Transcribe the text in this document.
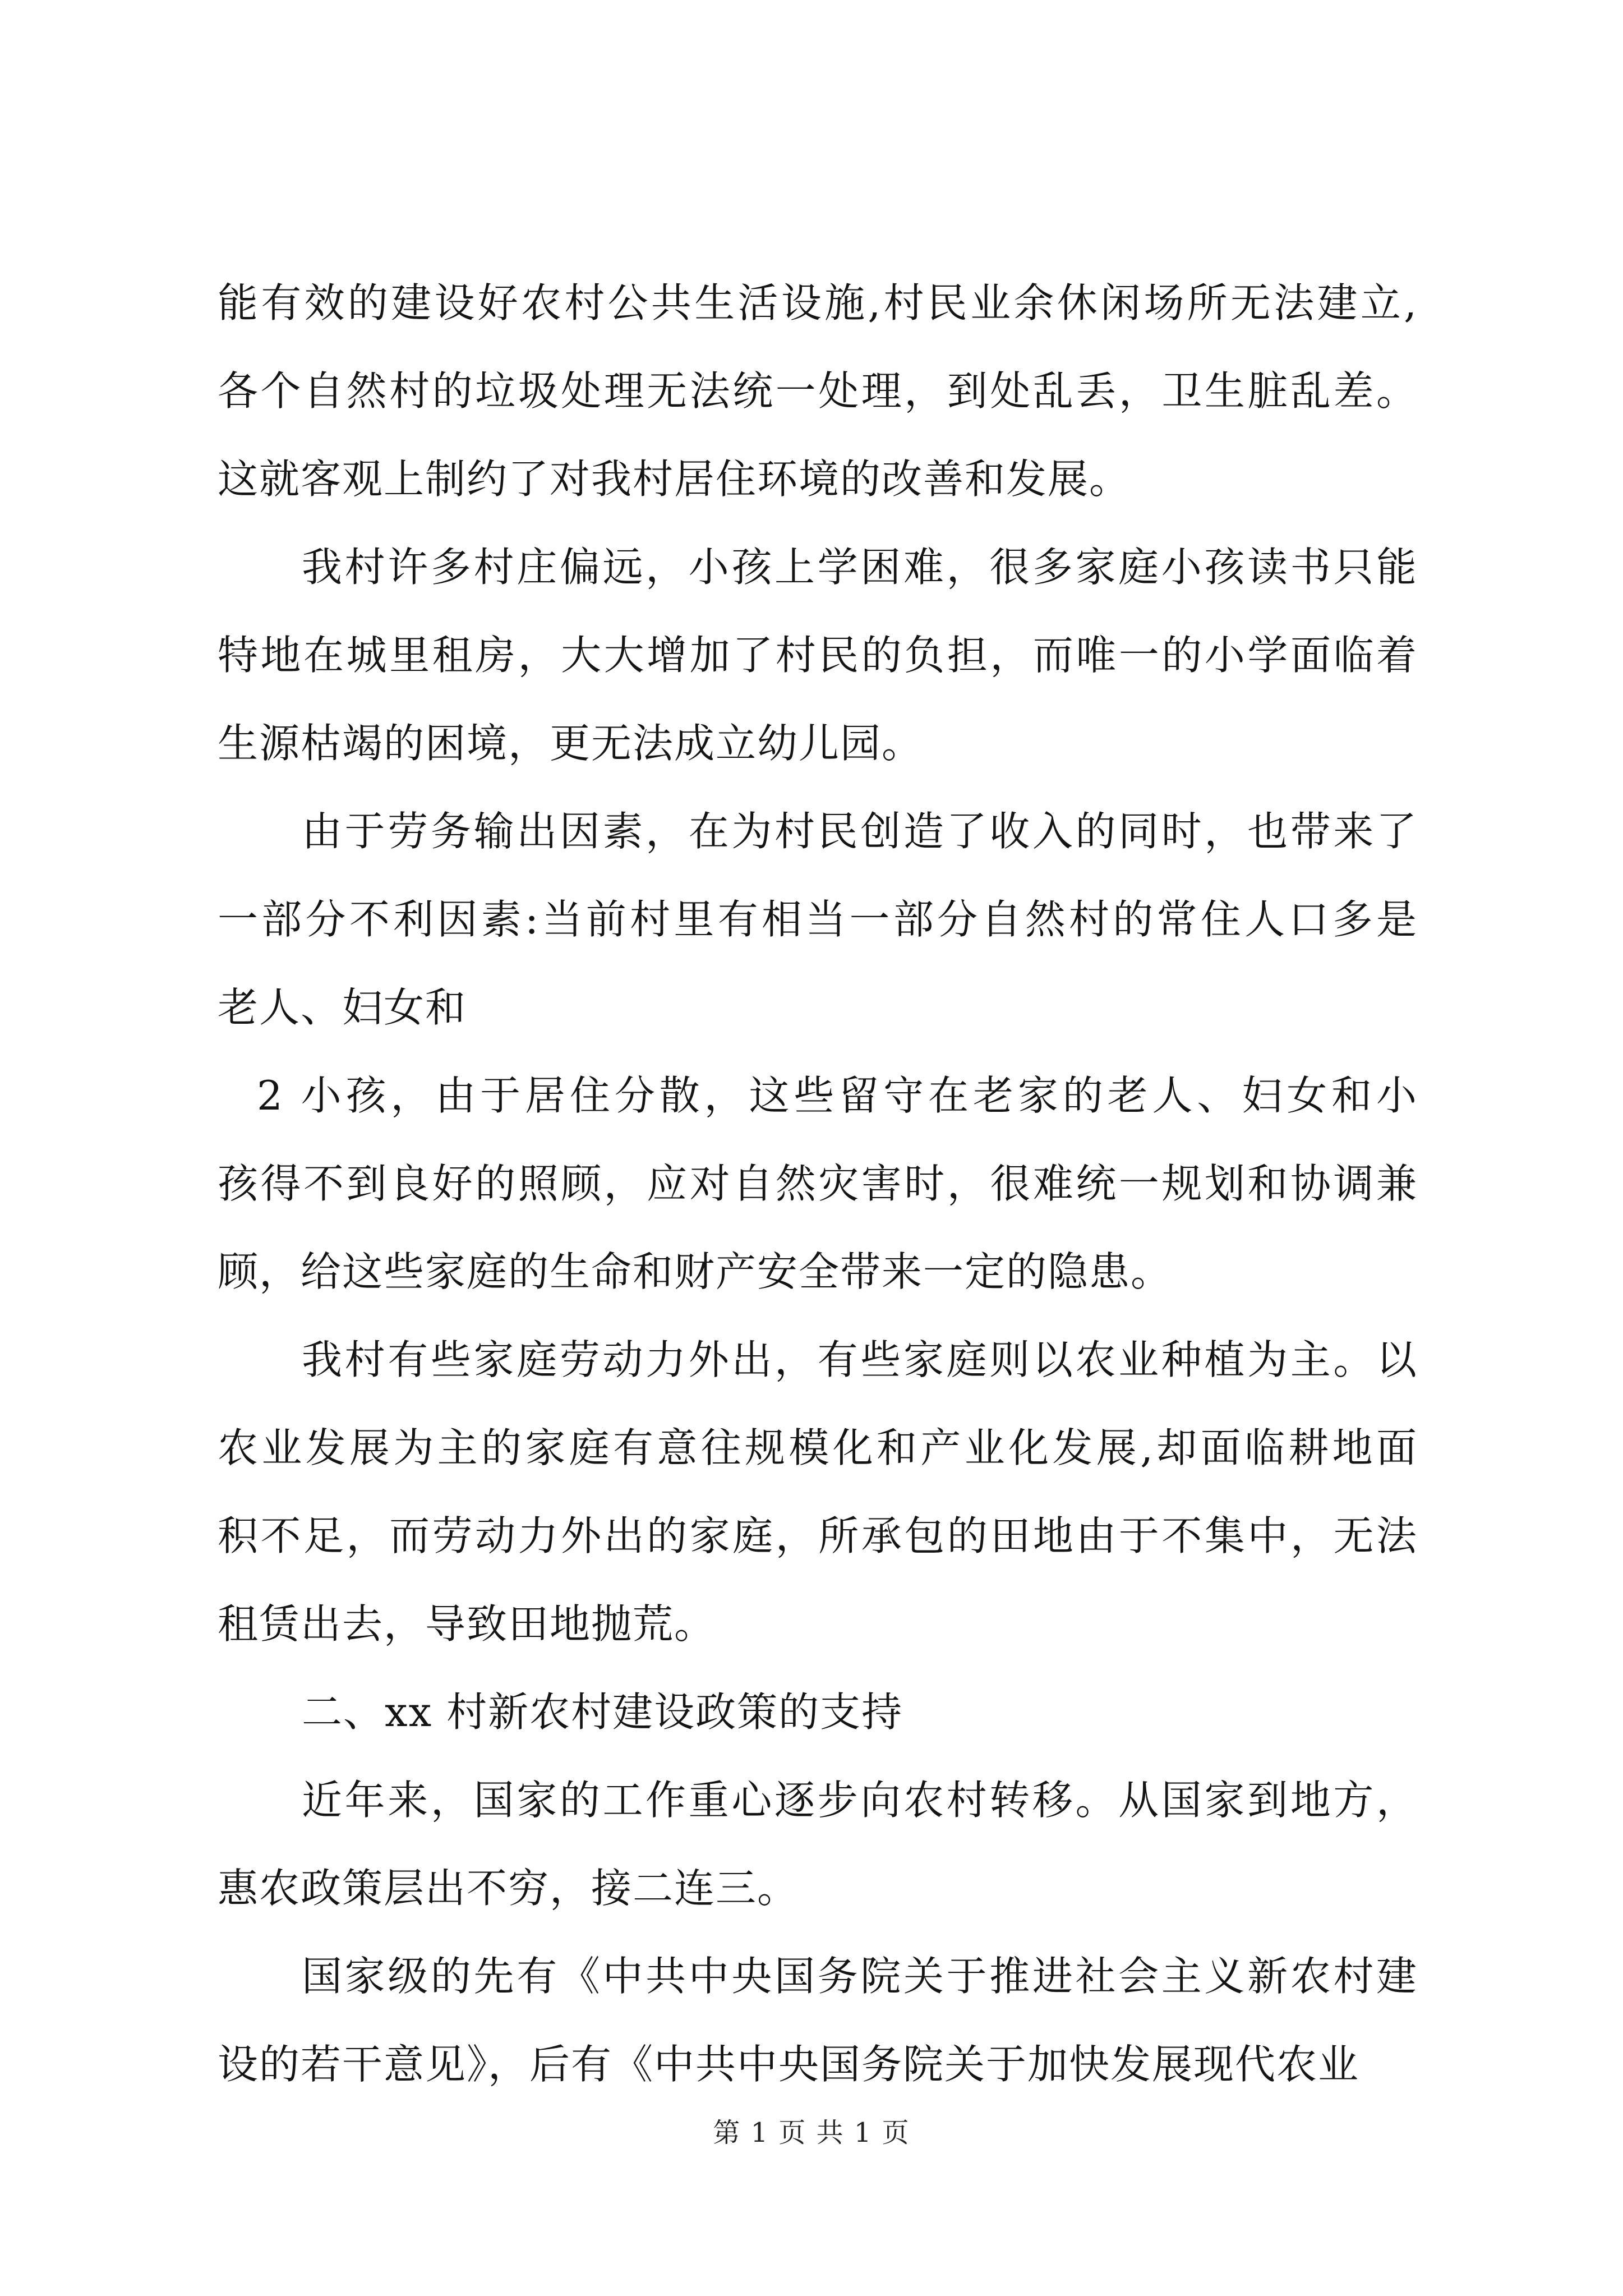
能有效的建设好农村公共生活设施,村民业余休闲场所无法建立,
各个自然村的垃圾处理无法统一处理，到处乱丢，卫生脏乱差。
这就客观上制约了对我村居住环境的改善和发展。
我村许多村庄偏远，小孩上学困难，很多家庭小孩读书只能
特地在城里租房，大大增加了村民的负担，而唯一的小学面临着
生源枯竭的困境，更无法成立幼儿园。
由于劳务输出因素，在为村民创造了收入的同时，也带来了
一部分不利因素:当前村里有相当一部分自然村的常住人口多是
老人、妇女和
2 小孩，由于居住分散，这些留守在老家的老人、妇女和小
孩得不到良好的照顾，应对自然灾害时，很难统一规划和协调兼
顾，给这些家庭的生命和财产安全带来一定的隐患。
我村有些家庭劳动力外出，有些家庭则以农业种植为主。以
农业发展为主的家庭有意往规模化和产业化发展,却面临耕地面
积不足，而劳动力外出的家庭，所承包的田地由于不集中，无法
租赁出去，导致田地抛荒。
二、xx 村新农村建设政策的支持
近年来，国家的工作重心逐步向农村转移。从国家到地方，
惠农政策层出不穷，接二连三。
国家级的先有《中共中央国务院关于推进社会主义新农村建
设的若干意见》，后有《中共中央国务院关于加快发展现代农业
第 1 页 共 1 页
